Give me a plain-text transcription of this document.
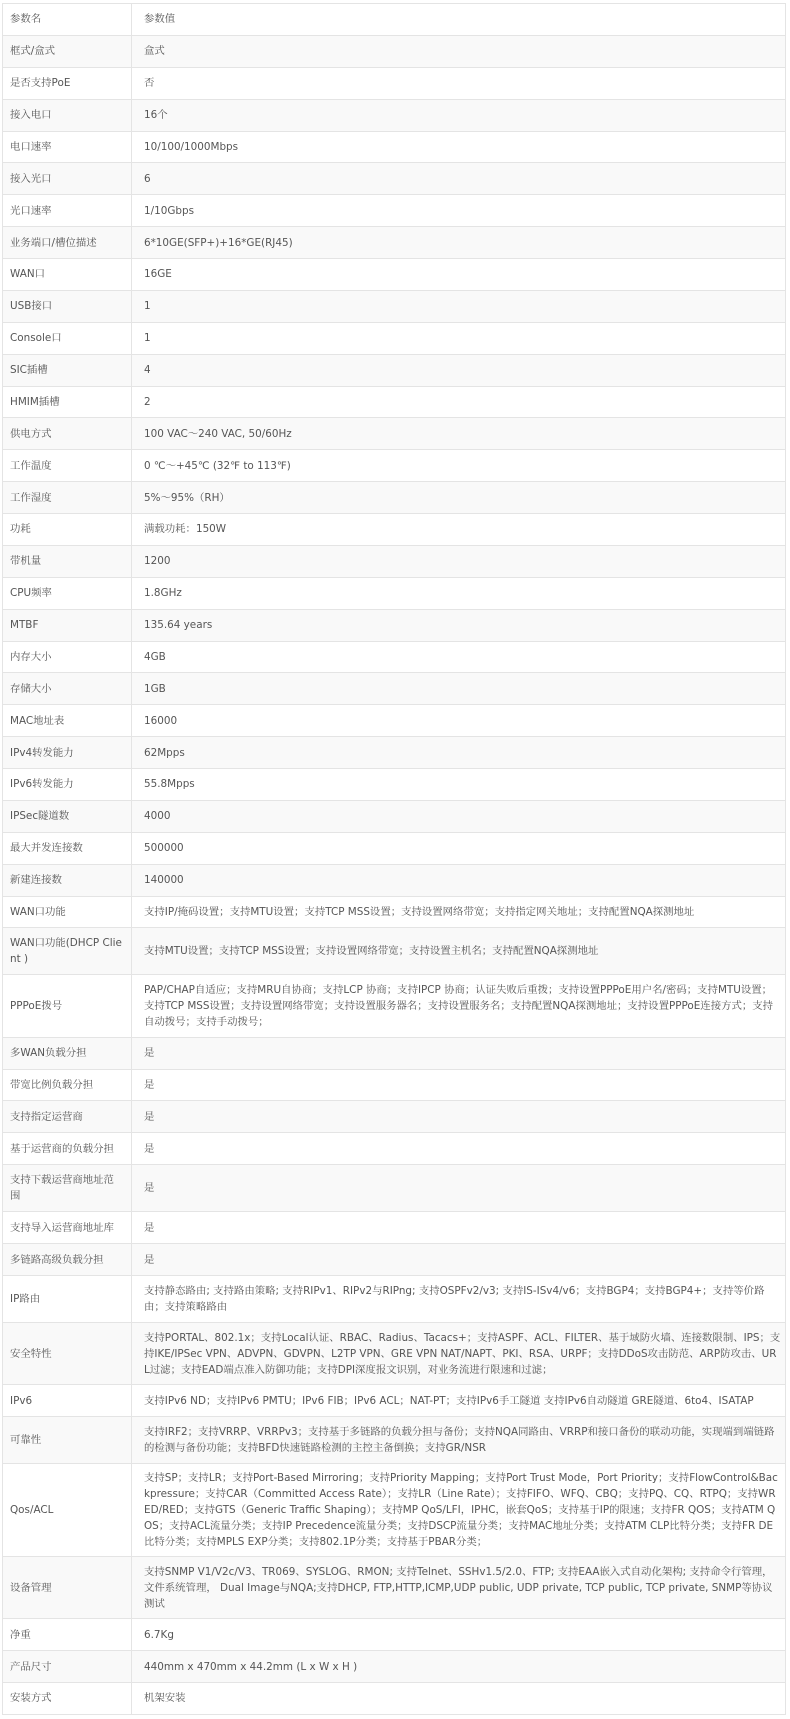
参数名	参数值
框式/盒式	盒式
是否支持PoE	否
接入电口	16个
电口速率	10/100/1000Mbps
接入光口	6
光口速率	1/10Gbps
业务端口/槽位描述	6*10GE(SFP+)+16*GE(RJ45)
WAN口	16GE
USB接口	1
Console口	1
SIC插槽	4
HMIM插槽	2
供电方式	100 VAC～240 VAC, 50/60Hz
工作温度	0 ℃～+45℃ (32℉ to 113℉)
工作湿度	5%～95%（RH）
功耗	满载功耗：150W
带机量	1200
CPU频率	1.8GHz
MTBF	135.64 years
内存大小	4GB
存储大小	1GB
MAC地址表	16000
IPv4转发能力	62Mpps
IPv6转发能力	55.8Mpps
IPSec隧道数	4000
最大并发连接数	500000
新建连接数	140000
WAN口功能	支持IP/掩码设置；支持MTU设置；支持TCP MSS设置；支持设置网络带宽；支持指定网关地址；支持配置NQA探测地址
WAN口功能(DHCP Client )	支持MTU设置；支持TCP MSS设置；支持设置网络带宽；支持设置主机名；支持配置NQA探测地址
PPPoE拨号	PAP/CHAP自适应；支持MRU自协商；支持LCP 协商；支持IPCP 协商；认证失败后重拨；支持设置PPPoE用户名/密码；支持MTU设置；支持TCP MSS设置；支持设置网络带宽；支持设置服务器名；支持设置服务名；支持配置NQA探测地址；支持设置PPPoE连接方式；支持自动拨号；支持手动拨号；
多WAN负载分担	是
带宽比例负载分担	是
支持指定运营商	是
基于运营商的负载分担	是
支持下载运营商地址范围	是
支持导入运营商地址库	是
多链路高级负载分担	是
IP路由	支持静态路由; 支持路由策略; 支持RIPv1、RIPv2与RIPng; 支持OSPFv2/v3; 支持IS-ISv4/v6；支持BGP4；支持BGP4+；支持等价路由；支持策略路由
安全特性	支持PORTAL、802.1x；支持Local认证、RBAC、Radius、Tacacs+；支持ASPF、ACL、FILTER、基于域防火墙、连接数限制、IPS；支持IKE/IPSec VPN、ADVPN、GDVPN、L2TP VPN、GRE VPN NAT/NAPT、PKI、RSA、URPF；支持DDoS攻击防范、ARP防攻击、URL过滤；支持EAD端点准入防御功能；支持DPI深度报文识别，对业务流进行限速和过滤；
IPv6	支持IPv6 ND；支持IPv6 PMTU；IPv6 FIB；IPv6 ACL；NAT-PT；支持IPv6手工隧道 支持IPv6自动隧道 GRE隧道、6to4、ISATAP
可靠性	支持IRF2；支持VRRP、VRRPv3；支持基于多链路的负载分担与备份；支持NQA同路由、VRRP和接口备份的联动功能，实现端到端链路的检测与备份功能；支持BFD快速链路检测的主控主备倒换；支持GR/NSR
Qos/ACL	支持SP；支持LR；支持Port-Based Mirroring；支持Priority Mapping；支持Port Trust Mode，Port Priority；支持FlowControl&Backpressure；支持CAR（Committed Access Rate）；支持LR（Line Rate）；支持FIFO、WFQ、CBQ；支持PQ、CQ、RTPQ；支持WRED/RED；支持GTS（Generic Traffic Shaping）；支持MP QoS/LFI，IPHC，嵌套QoS；支持基于IP的限速；支持FR QOS；支持ATM QOS；支持ACL流量分类；支持IP Precedence流量分类；支持DSCP流量分类；支持MAC地址分类；支持ATM CLP比特分类；支持FR DE比特分类；支持MPLS EXP分类；支持802.1P分类；支持基于PBAR分类；
设备管理	支持SNMP V1/V2c/V3、TR069、SYSLOG、RMON; 支持Telnet、SSHv1.5/2.0、FTP; 支持EAA嵌入式自动化架构; 支持命令行管理，文件系统管理， Dual Image与NQA;支持DHCP, FTP,HTTP,ICMP,UDP public, UDP private, TCP public, TCP private, SNMP等协议测试
净重	6.7Kg
产品尺寸	440mm x 470mm x 44.2mm (L x W x H )
安装方式	机架安装
